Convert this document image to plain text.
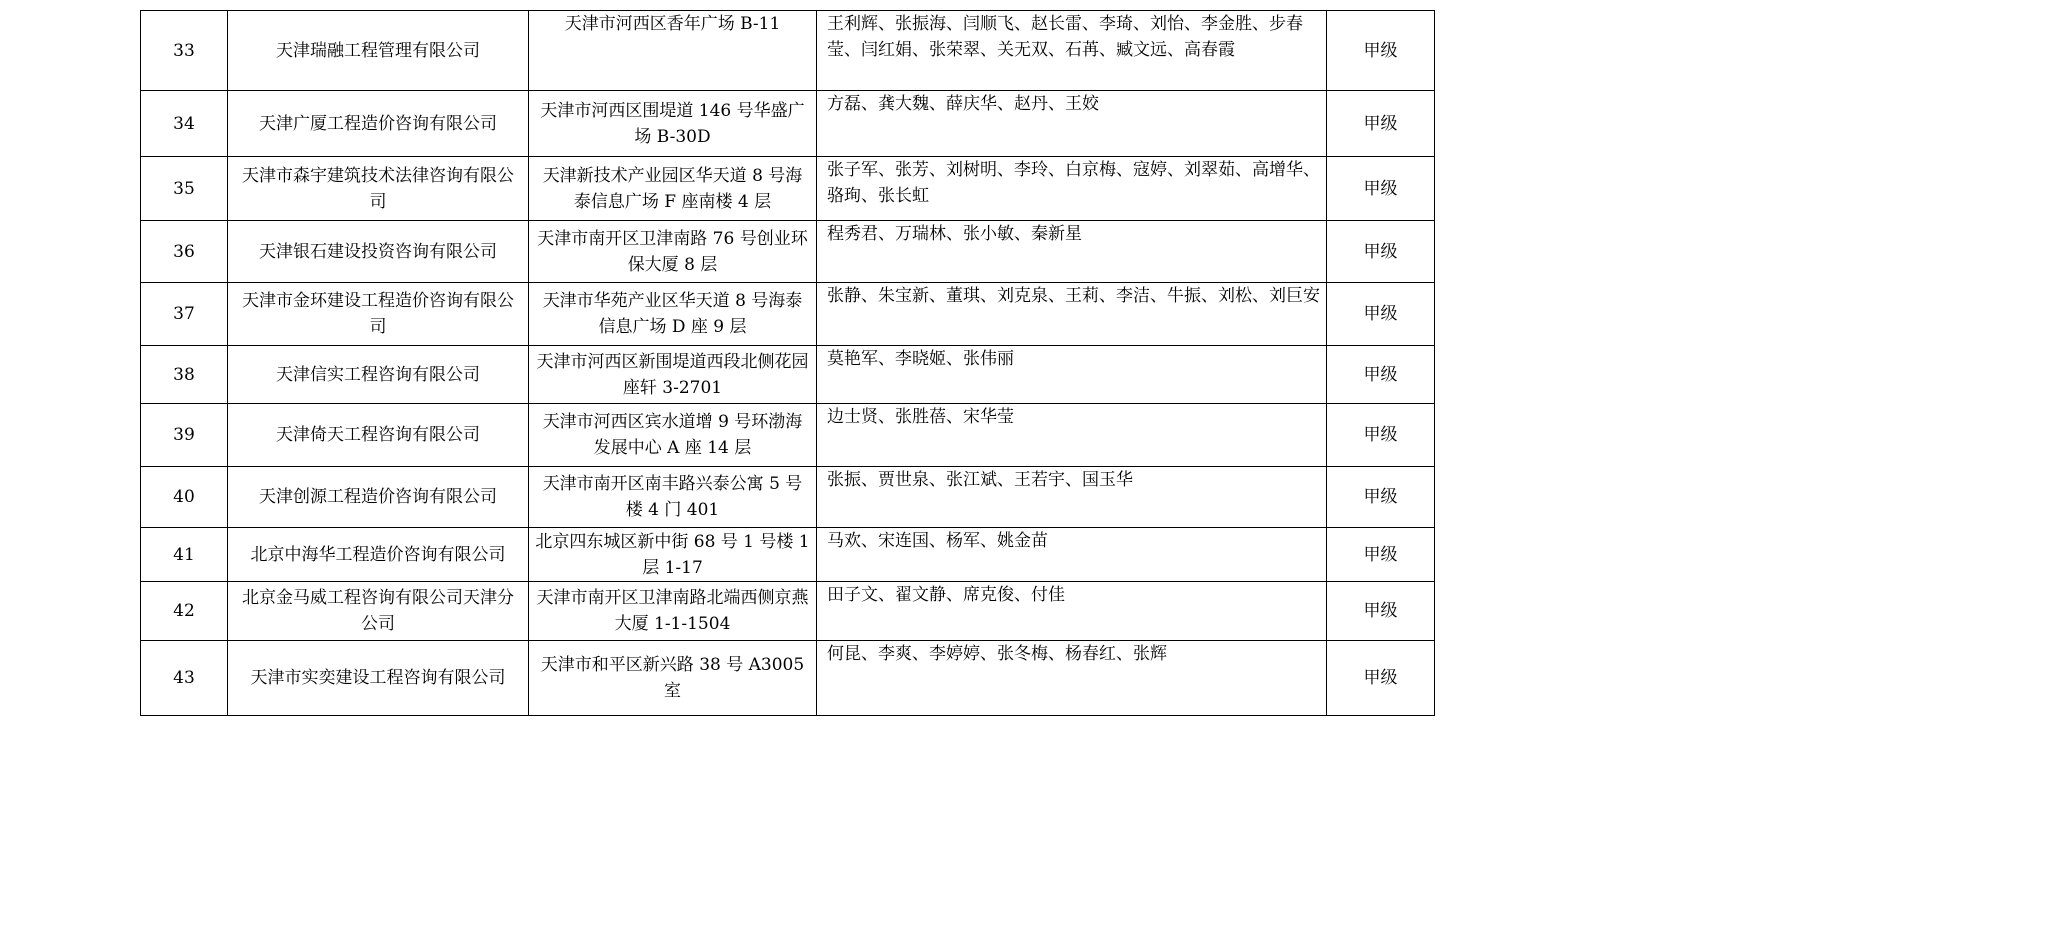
33	天津瑞融工程管理有限公司	天津市河西区香年广场 B-11	王利辉、张振海、闫顺飞、赵长雷、李琦、刘怡、李金胜、步春莹、闫红娟、张荣翠、关无双、石苒、臧文远、高春霞	甲级
34	天津广厦工程造价咨询有限公司	天津市河西区围堤道 146 号华盛广场 B-30D	方磊、龚大魏、薛庆华、赵丹、王姣	甲级
35	天津市森宇建筑技术法律咨询有限公司	天津新技术产业园区华天道 8 号海泰信息广场 F 座南楼 4 层	张子军、张芳、刘树明、李玲、白京梅、寇婷、刘翠茹、高增华、骆珣、张长虹	甲级
36	天津银石建设投资咨询有限公司	天津市南开区卫津南路 76 号创业环保大厦 8 层	程秀君、万瑞林、张小敏、秦新星	甲级
37	天津市金环建设工程造价咨询有限公司	天津市华苑产业区华天道 8 号海泰信息广场 D 座 9 层	张静、朱宝新、董琪、刘克泉、王莉、李洁、牛振、刘松、刘巨安	甲级
38	天津信实工程咨询有限公司	天津市河西区新围堤道西段北侧花园座轩 3-2701	莫艳军、李晓姬、张伟丽	甲级
39	天津倚天工程咨询有限公司	天津市河西区宾水道增 9 号环渤海发展中心 A 座 14 层	边士贤、张胜蓓、宋华莹	甲级
40	天津创源工程造价咨询有限公司	天津市南开区南丰路兴泰公寓 5 号楼 4 门 401	张振、贾世泉、张江斌、王若宇、国玉华	甲级
41	北京中海华工程造价咨询有限公司	北京四东城区新中街 68 号 1 号楼 1 层 1-17	马欢、宋连国、杨军、姚金苗	甲级
42	北京金马威工程咨询有限公司天津分公司	天津市南开区卫津南路北端西侧京燕大厦 1-1-1504	田子文、翟文静、席克俊、付佳	甲级
43	天津市实奕建设工程咨询有限公司	天津市和平区新兴路 38 号 A3005 室	何昆、李爽、李婷婷、张冬梅、杨春红、张辉	甲级
